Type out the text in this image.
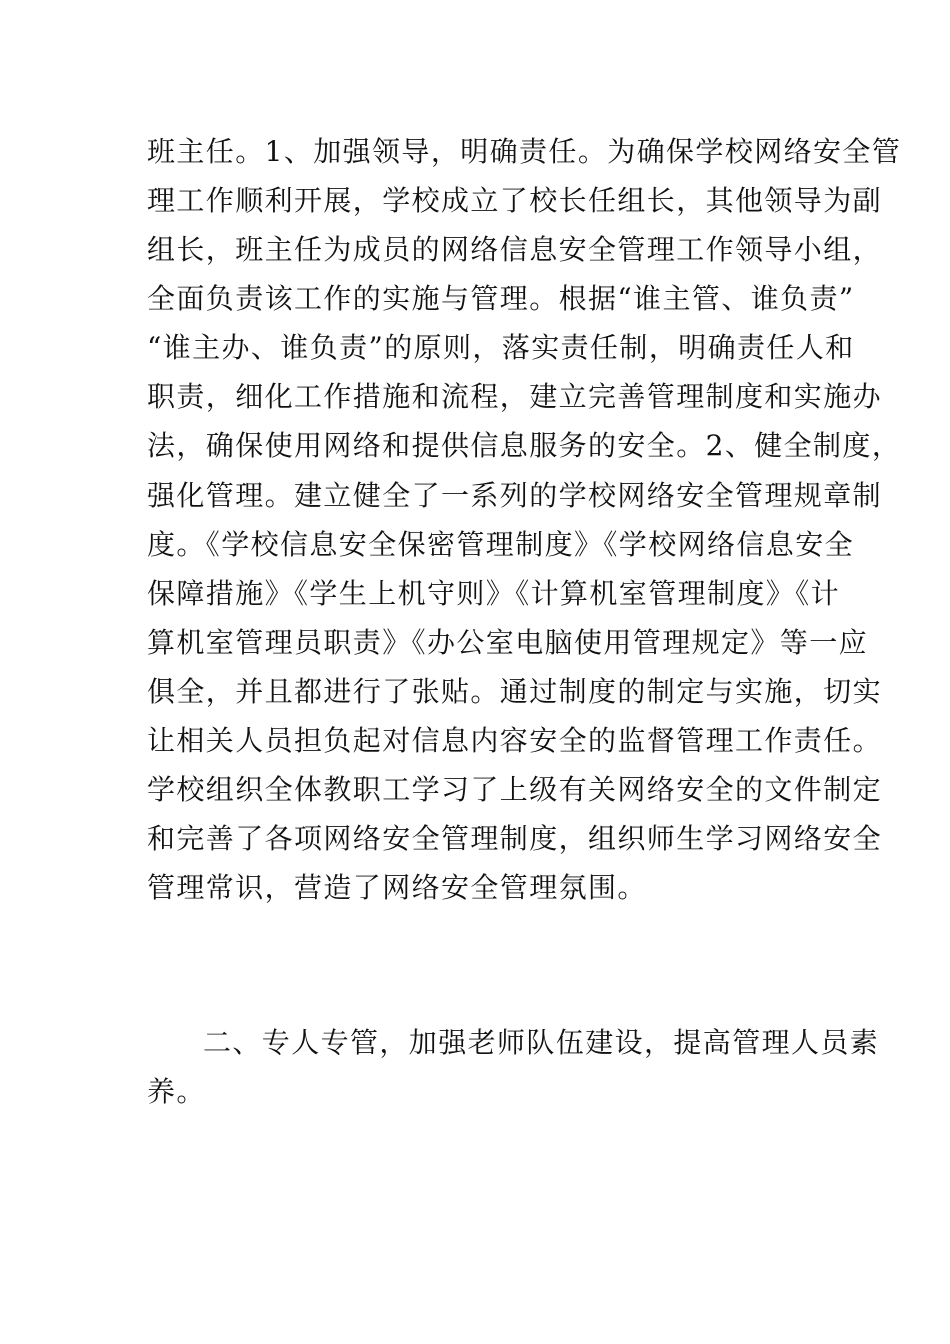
班主任。1、加强领导，明确责任。为确保学校网络安全管
理工作顺利开展，学校成立了校长任组长，其他领导为副
组长，班主任为成员的网络信息安全管理工作领导小组，
全面负责该工作的实施与管理。根据“谁主管、谁负责”
“谁主办、谁负责”的原则，落实责任制，明确责任人和
职责，细化工作措施和流程，建立完善管理制度和实施办
法，确保使用网络和提供信息服务的安全。2、健全制度，
强化管理。建立健全了一系列的学校网络安全管理规章制
度。《学校信息安全保密管理制度》《学校网络信息安全
保障措施》《学生上机守则》《计算机室管理制度》《计
算机室管理员职责》《办公室电脑使用管理规定》等一应
俱全，并且都进行了张贴。通过制度的制定与实施，切实
让相关人员担负起对信息内容安全的监督管理工作责任。
学校组织全体教职工学习了上级有关网络安全的文件制定
和完善了各项网络安全管理制度，组织师生学习网络安全
管理常识，营造了网络安全管理氛围。
二、专人专管，加强老师队伍建设，提高管理人员素
养。
